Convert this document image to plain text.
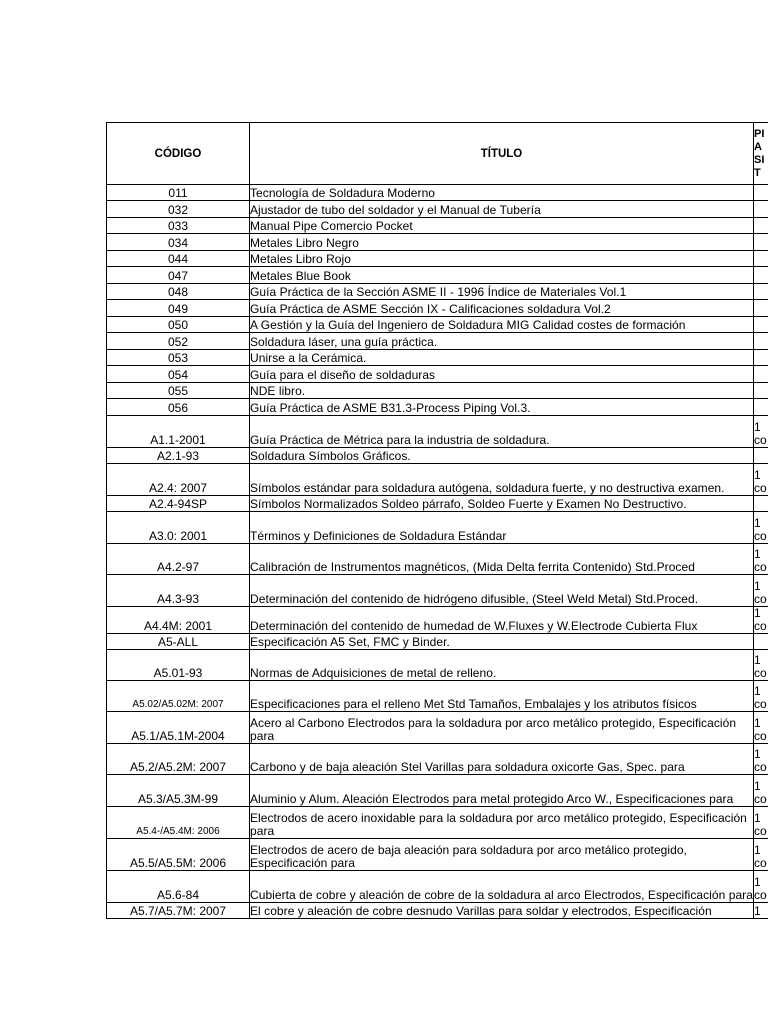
CÓDIGO	TÍTULO	PI
A
SI
T
011	Tecnología de Soldadura Moderno	
032	Ajustador de tubo del soldador y el Manual de Tubería	
033	Manual Pipe Comercio Pocket	
034	Metales Libro Negro	
044	Metales Libro Rojo	
047	Metales Blue Book	
048	Guía Práctica de la Sección ASME II - 1996 Índice de Materiales Vol.1	
049	Guía Práctica de ASME Sección IX - Calificaciones soldadura Vol.2	
050	A Gestión y la Guía del Ingeniero de Soldadura MIG Calidad costes de formación	
052	Soldadura láser, una guía práctica.	
053	Unirse a la Cerámica.	
054	Guía para el diseño de soldaduras	
055	NDE libro.	
056	Guía Práctica de ASME B31.3-Process Piping Vol.3.	
A1.1-2001	Guía Práctica de Métrica para la industria de soldadura.	1
co
A2.1-93	Soldadura Símbolos Gráficos.	
A2.4: 2007	Símbolos estándar para soldadura autógena, soldadura fuerte, y no destructiva examen.	1
co
A2.4-94SP	Símbolos Normalizados Soldeo párrafo, Soldeo Fuerte y Examen No Destructivo.	
A3.0: 2001	Términos y Definiciones de Soldadura Estándar	1
co
A4.2-97	Calibración de Instrumentos magnéticos, (Mida Delta ferrita Contenido) Std.Proced	1
co
A4.3-93	Determinación del contenido de hidrógeno difusible, (Steel Weld Metal) Std.Proced.	1
co
A4.4M: 2001	Determinación del contenido de humedad de W.Fluxes y W.Electrode Cubierta Flux	1
co
A5-ALL	Especificación A5 Set, FMC y Binder.	
A5.01-93	Normas de Adquisiciones de metal de relleno.	1
co
A5.02/A5.02M: 2007	Especificaciones para el relleno Met Std Tamaños, Embalajes y los atributos físicos	1
co
A5.1/A5.1M-2004	Acero al Carbono Electrodos para la soldadura por arco metálico protegido, Especificación para	1
co
A5.2/A5.2M: 2007	Carbono y de baja aleación Stel Varillas para soldadura oxicorte Gas, Spec. para	1
co
A5.3/A5.3M-99	Aluminio y Alum. Aleación Electrodos para metal protegido Arco W., Especificaciones para	1
co
A5.4-/A5.4M: 2006	Electrodos de acero inoxidable para la soldadura por arco metálico protegido, Especificación para	1
co
A5.5/A5.5M: 2006	Electrodos de acero de baja aleación para soldadura por arco metálico protegido, Especificación para	1
co
A5.6-84	Cubierta de cobre y aleación de cobre de la soldadura al arco Electrodos, Especificación para	1
co
A5.7/A5.7M: 2007	El cobre y aleación de cobre desnudo Varillas para soldar y electrodos, Especificación	1
